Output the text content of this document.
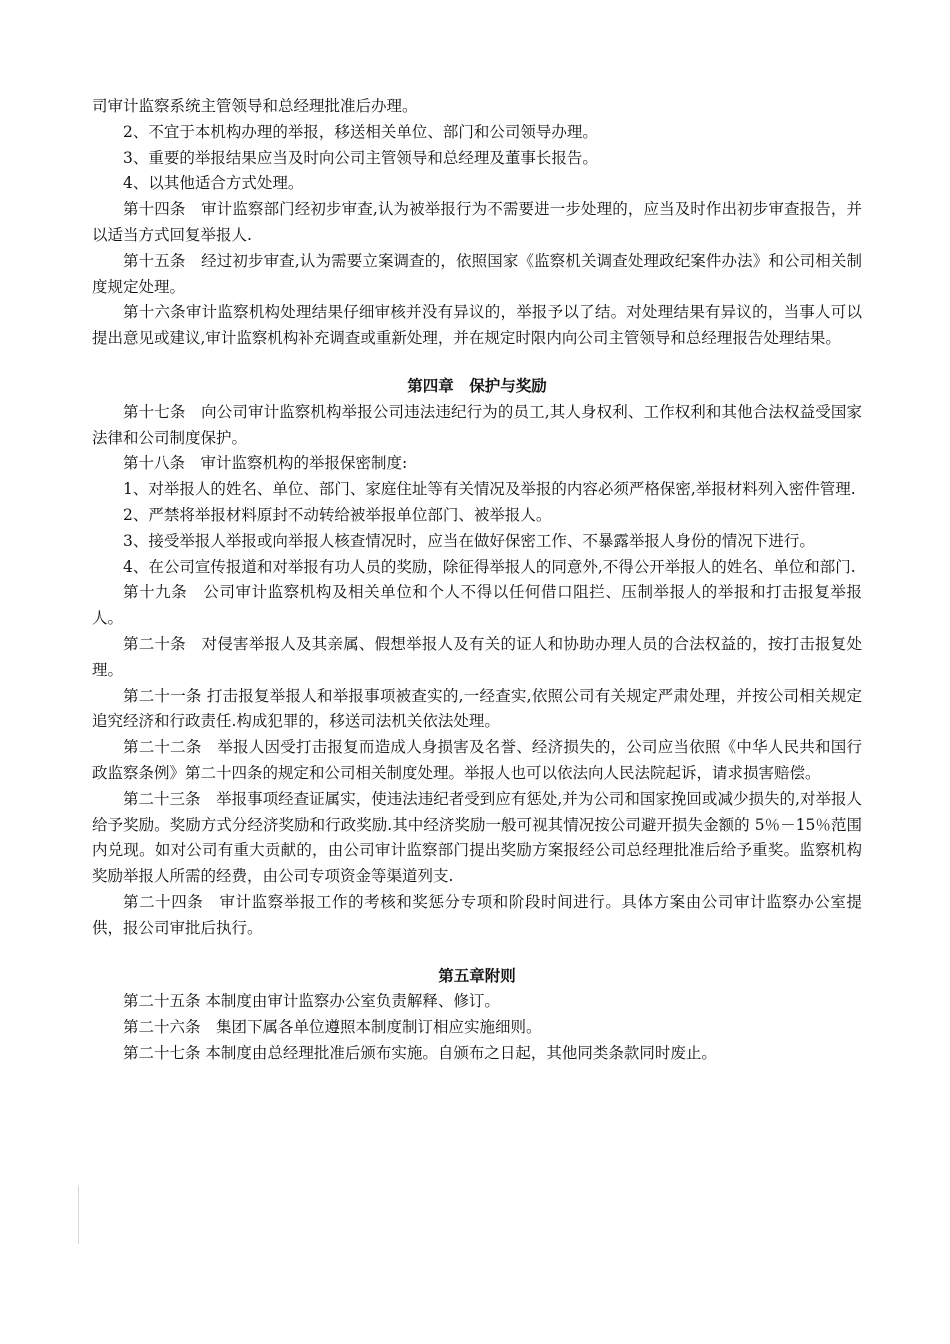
司审计监察系统主管领导和总经理批准后办理。

2、不宜于本机构办理的举报，移送相关单位、部门和公司领导办理。

3、重要的举报结果应当及时向公司主管领导和总经理及董事长报告。

4、以其他适合方式处理。

第十四条　审计监察部门经初步审查,认为被举报行为不需要进一步处理的，应当及时作出初步审查报告，并以适当方式回复举报人.

第十五条　经过初步审查,认为需要立案调查的，依照国家《监察机关调查处理政纪案件办法》和公司相关制度规定处理。

第十六条审计监察机构处理结果仔细审核并没有异议的，举报予以了结。对处理结果有异议的，当事人可以提出意见或建议,审计监察机构补充调查或重新处理，并在规定时限内向公司主管领导和总经理报告处理结果。

第四章　保护与奖励

第十七条　向公司审计监察机构举报公司违法违纪行为的员工,其人身权利、工作权利和其他合法权益受国家法律和公司制度保护。

第十八条　审计监察机构的举报保密制度:

1、对举报人的姓名、单位、部门、家庭住址等有关情况及举报的内容必须严格保密,举报材料列入密件管理.

2、严禁将举报材料原封不动转给被举报单位部门、被举报人。

3、接受举报人举报或向举报人核查情况时，应当在做好保密工作、不暴露举报人身份的情况下进行。

4、在公司宣传报道和对举报有功人员的奖励，除征得举报人的同意外,不得公开举报人的姓名、单位和部门.

第十九条　公司审计监察机构及相关单位和个人不得以任何借口阻拦、压制举报人的举报和打击报复举报人。

第二十条　对侵害举报人及其亲属、假想举报人及有关的证人和协助办理人员的合法权益的，按打击报复处理。

第二十一条 打击报复举报人和举报事项被查实的,一经查实,依照公司有关规定严肃处理，并按公司相关规定追究经济和行政责任.构成犯罪的，移送司法机关依法处理。

第二十二条　举报人因受打击报复而造成人身损害及名誉、经济损失的，公司应当依照《中华人民共和国行政监察条例》第二十四条的规定和公司相关制度处理。举报人也可以依法向人民法院起诉，请求损害赔偿。

第二十三条　举报事项经查证属实，使违法违纪者受到应有惩处,并为公司和国家挽回或减少损失的,对举报人给予奖励。奖励方式分经济奖励和行政奖励.其中经济奖励一般可视其情况按公司避开损失金额的 5％－15％范围内兑现。如对公司有重大贡献的，由公司审计监察部门提出奖励方案报经公司总经理批准后给予重奖。监察机构奖励举报人所需的经费，由公司专项资金等渠道列支.

第二十四条　审计监察举报工作的考核和奖惩分专项和阶段时间进行。具体方案由公司审计监察办公室提供，报公司审批后执行。

第五章附则

第二十五条 本制度由审计监察办公室负责解释、修订。

第二十六条　集团下属各单位遵照本制度制订相应实施细则。

第二十七条 本制度由总经理批准后颁布实施。自颁布之日起，其他同类条款同时废止。
